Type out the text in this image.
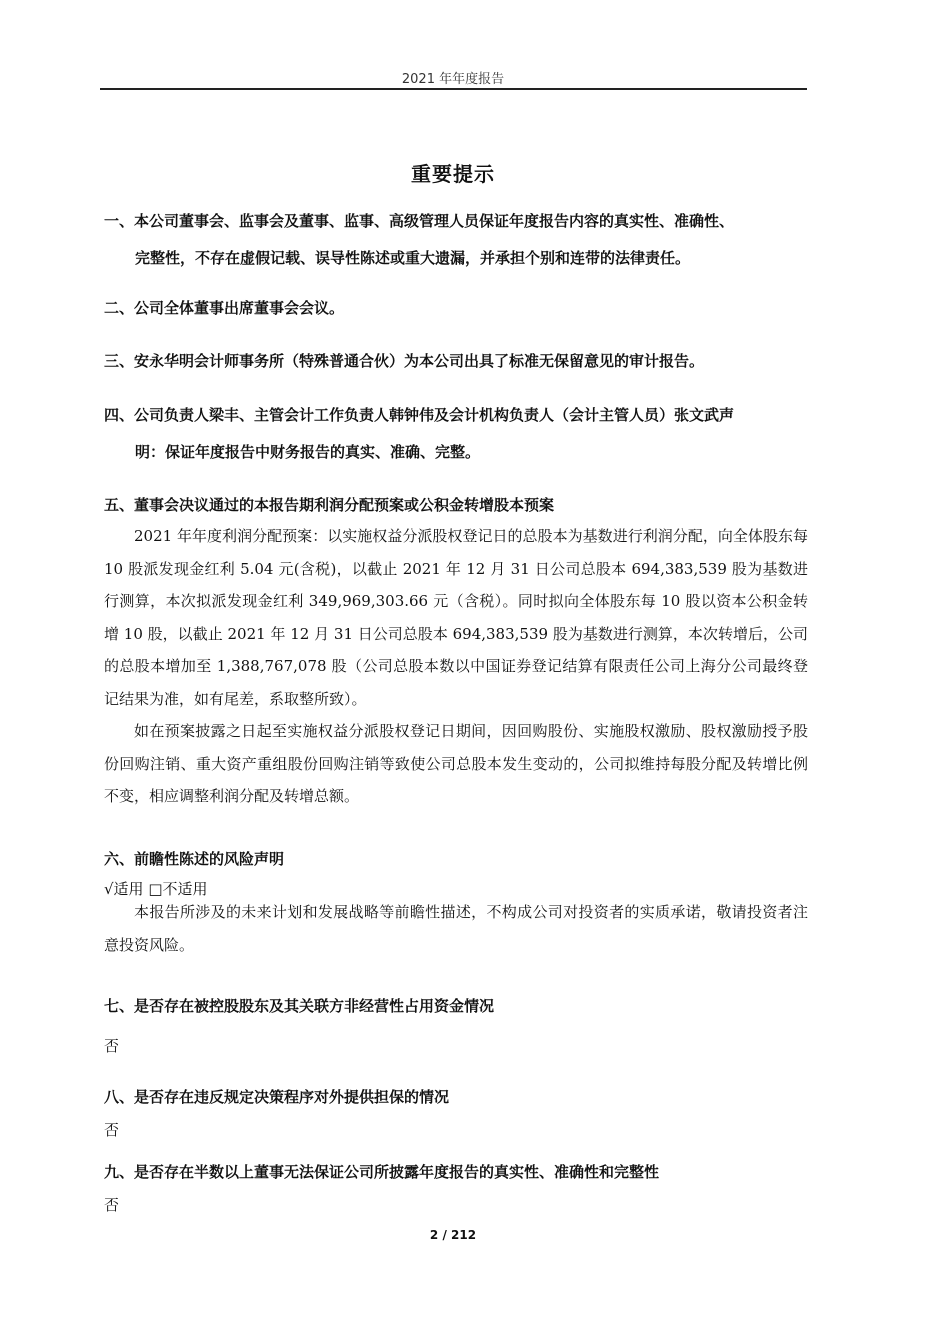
2021 年年度报告
重要提示
一、本公司董事会、监事会及董事、监事、高级管理人员保证年度报告内容的真实性、准确性、
完整性，不存在虚假记载、误导性陈述或重大遗漏，并承担个别和连带的法律责任。
二、公司全体董事出席董事会会议。
三、安永华明会计师事务所（特殊普通合伙）为本公司出具了标准无保留意见的审计报告。
四、公司负责人梁丰、主管会计工作负责人韩钟伟及会计机构负责人（会计主管人员）张文武声
明：保证年度报告中财务报告的真实、准确、完整。
五、董事会决议通过的本报告期利润分配预案或公积金转增股本预案
2021 年年度利润分配预案：以实施权益分派股权登记日的总股本为基数进行利润分配，向全体股东每 10 股派发现金红利 5.04 元(含税)，以截止 2021 年 12 月 31 日公司总股本 694,383,539 股为基数进行测算，本次拟派发现金红利 349,969,303.66 元（含税）。同时拟向全体股东每 10 股以资本公积金转增 10 股，以截止 2021 年 12 月 31 日公司总股本 694,383,539 股为基数进行测算，本次转增后，公司的总股本增加至 1,388,767,078 股（公司总股本数以中国证券登记结算有限责任公司上海分公司最终登记结果为准，如有尾差，系取整所致）。
如在预案披露之日起至实施权益分派股权登记日期间，因回购股份、实施股权激励、股权激励授予股份回购注销、重大资产重组股份回购注销等致使公司总股本发生变动的，公司拟维持每股分配及转增比例不变，相应调整利润分配及转增总额。
六、前瞻性陈述的风险声明
√适用 □不适用
本报告所涉及的未来计划和发展战略等前瞻性描述，不构成公司对投资者的实质承诺，敬请投资者注意投资风险。
七、是否存在被控股股东及其关联方非经营性占用资金情况
否
八、是否存在违反规定决策程序对外提供担保的情况
否
九、是否存在半数以上董事无法保证公司所披露年度报告的真实性、准确性和完整性
否
2 / 212
